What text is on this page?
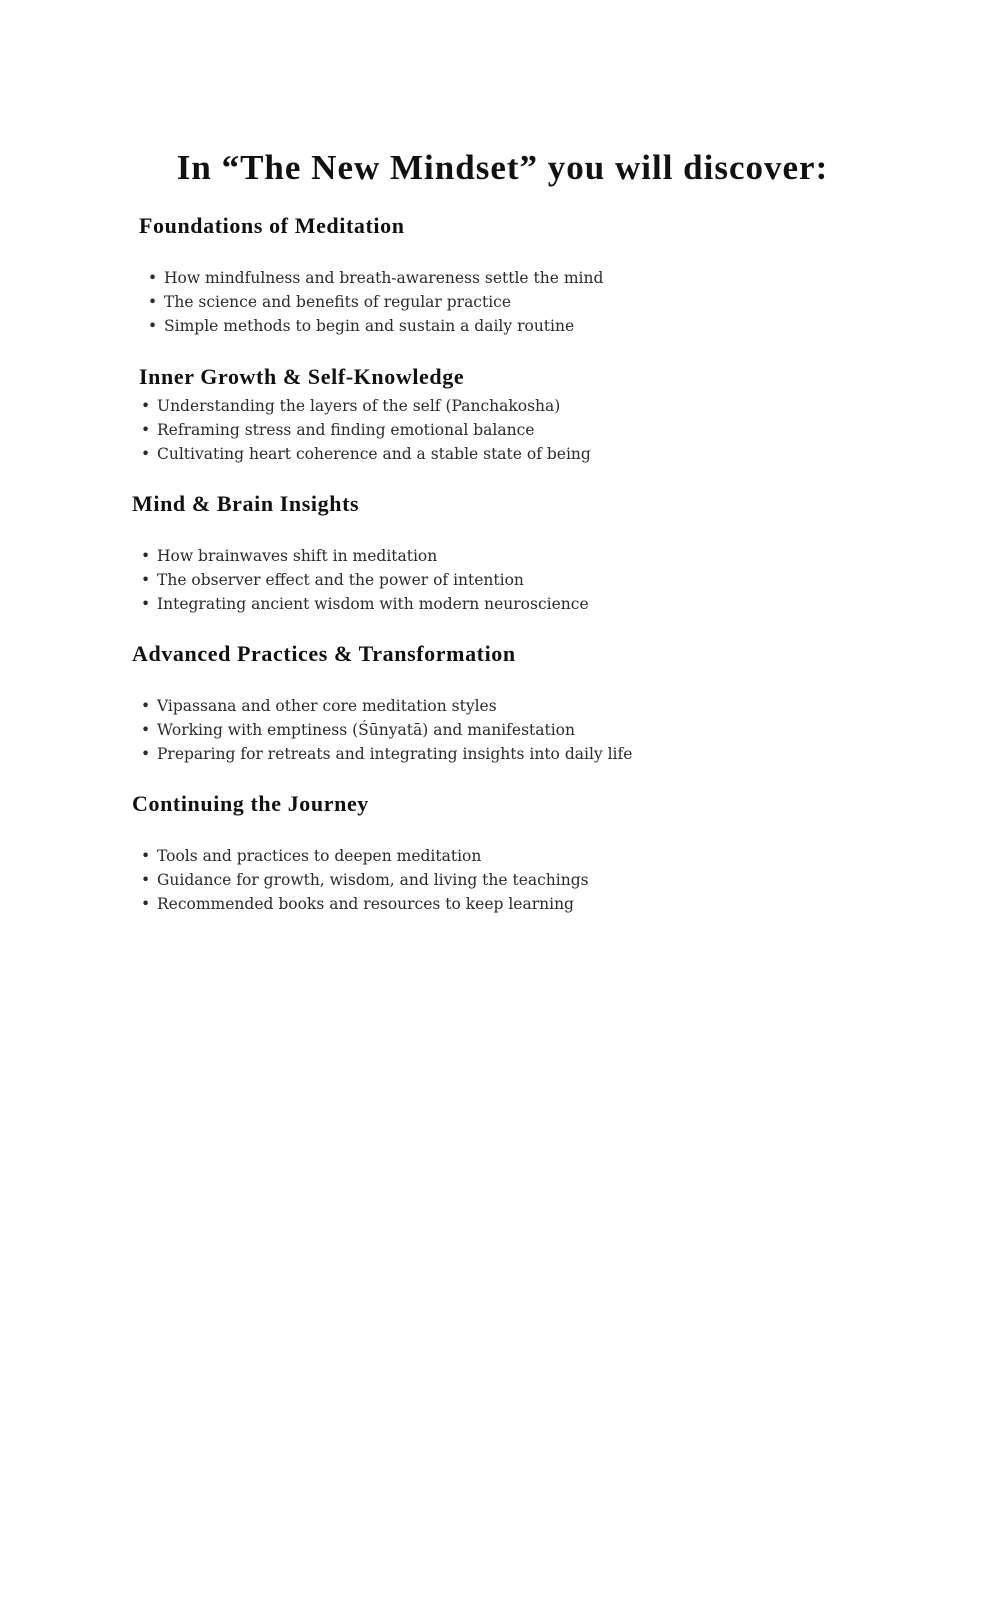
In “The New Mindset” you will discover:
Foundations of Meditation
• How mindfulness and breath-awareness settle the mind
• The science and benefits of regular practice
• Simple methods to begin and sustain a daily routine
Inner Growth & Self-Knowledge
• Understanding the layers of the self (Panchakosha)
• Reframing stress and finding emotional balance
• Cultivating heart coherence and a stable state of being
Mind & Brain Insights
• How brainwaves shift in meditation
• The observer effect and the power of intention
• Integrating ancient wisdom with modern neuroscience
Advanced Practices & Transformation
• Vipassana and other core meditation styles
• Working with emptiness (Śūnyatā) and manifestation
• Preparing for retreats and integrating insights into daily life
Continuing the Journey
• Tools and practices to deepen meditation
• Guidance for growth, wisdom, and living the teachings
• Recommended books and resources to keep learning
